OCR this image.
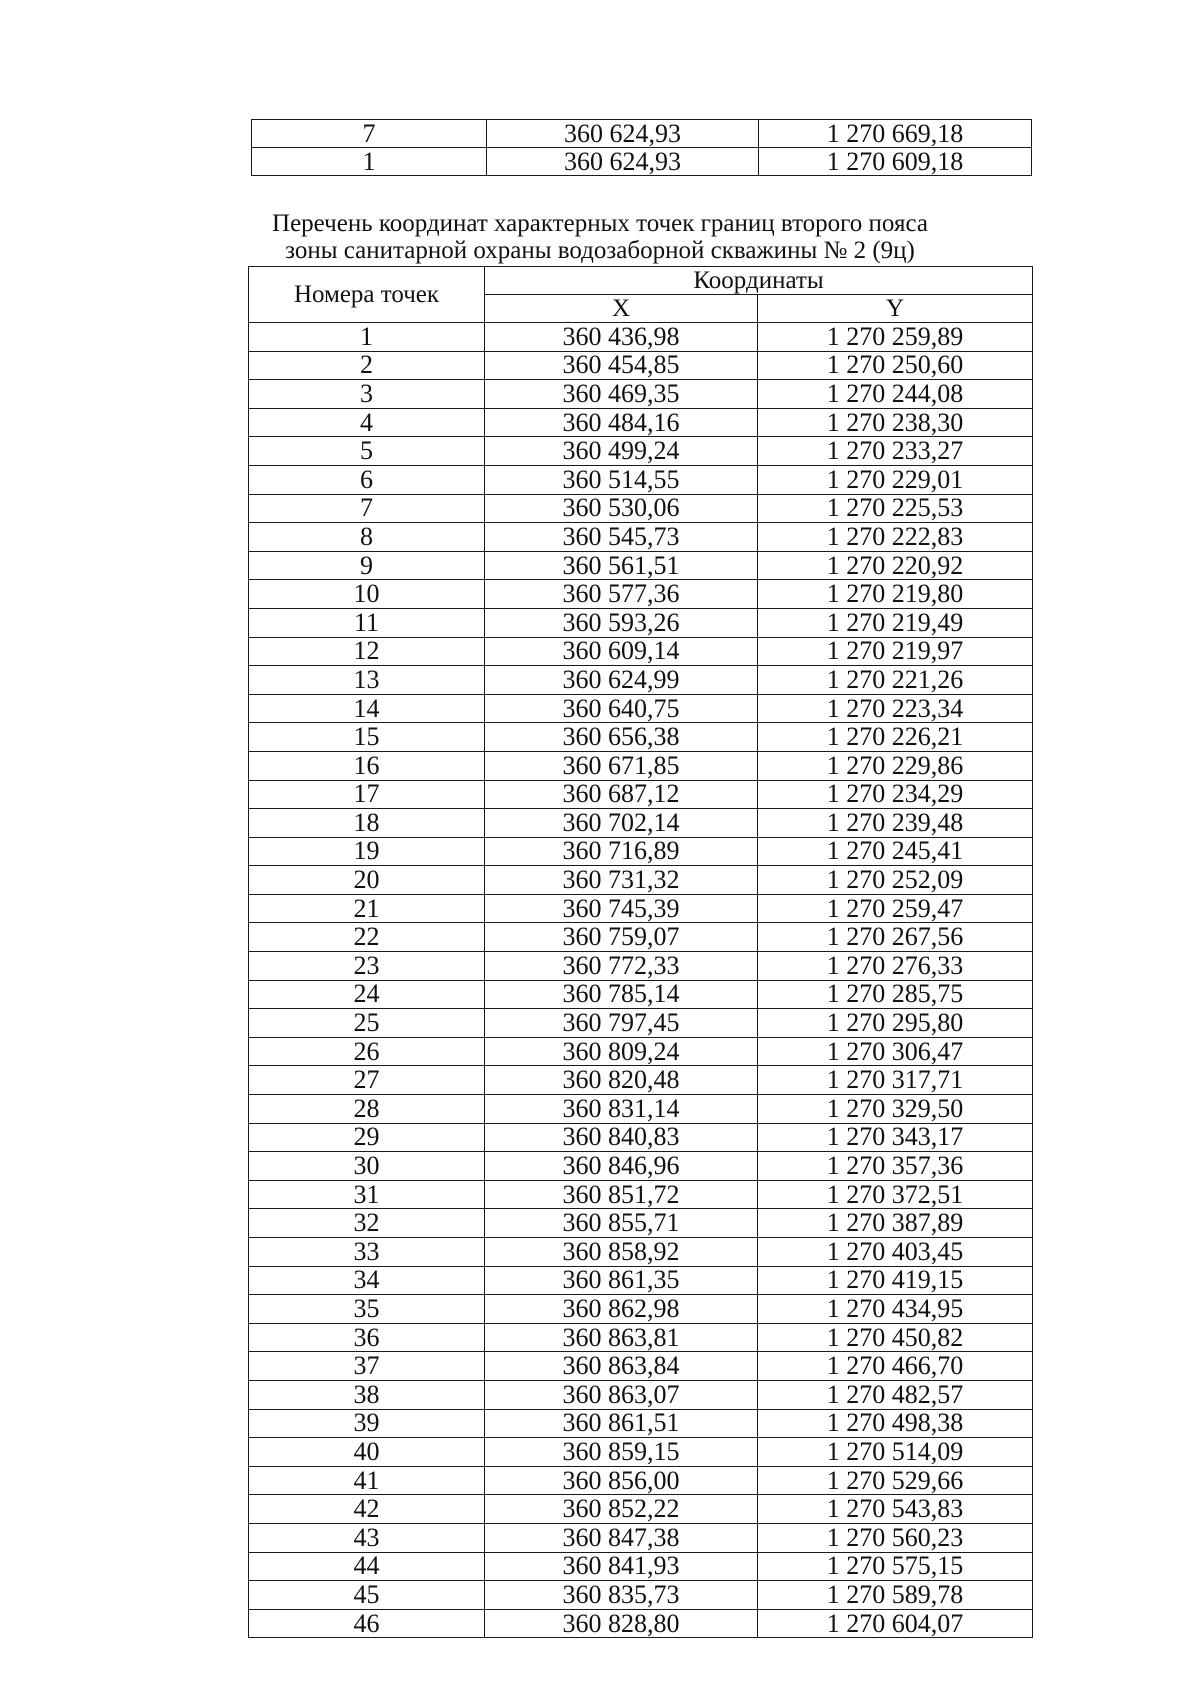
7	360 624,93	1 270 669,18
1	360 624,93	1 270 609,18
Перечень координат характерных точек границ второго пояса
зоны санитарной охраны водозаборной скважины № 2 (9ц)
Номера точек	Координаты	
	X	Y
1	360 436,98	1 270 259,89
2	360 454,85	1 270 250,60
3	360 469,35	1 270 244,08
4	360 484,16	1 270 238,30
5	360 499,24	1 270 233,27
6	360 514,55	1 270 229,01
7	360 530,06	1 270 225,53
8	360 545,73	1 270 222,83
9	360 561,51	1 270 220,92
10	360 577,36	1 270 219,80
11	360 593,26	1 270 219,49
12	360 609,14	1 270 219,97
13	360 624,99	1 270 221,26
14	360 640,75	1 270 223,34
15	360 656,38	1 270 226,21
16	360 671,85	1 270 229,86
17	360 687,12	1 270 234,29
18	360 702,14	1 270 239,48
19	360 716,89	1 270 245,41
20	360 731,32	1 270 252,09
21	360 745,39	1 270 259,47
22	360 759,07	1 270 267,56
23	360 772,33	1 270 276,33
24	360 785,14	1 270 285,75
25	360 797,45	1 270 295,80
26	360 809,24	1 270 306,47
27	360 820,48	1 270 317,71
28	360 831,14	1 270 329,50
29	360 840,83	1 270 343,17
30	360 846,96	1 270 357,36
31	360 851,72	1 270 372,51
32	360 855,71	1 270 387,89
33	360 858,92	1 270 403,45
34	360 861,35	1 270 419,15
35	360 862,98	1 270 434,95
36	360 863,81	1 270 450,82
37	360 863,84	1 270 466,70
38	360 863,07	1 270 482,57
39	360 861,51	1 270 498,38
40	360 859,15	1 270 514,09
41	360 856,00	1 270 529,66
42	360 852,22	1 270 543,83
43	360 847,38	1 270 560,23
44	360 841,93	1 270 575,15
45	360 835,73	1 270 589,78
46	360 828,80	1 270 604,07
